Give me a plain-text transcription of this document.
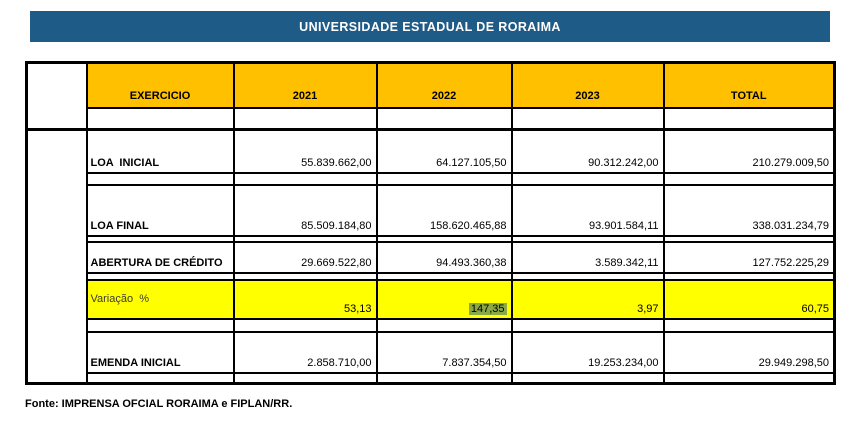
UNIVERSIDADE ESTADUAL DE RORAIMA
	EXERCICIO	2021	2022	2023	TOTAL

	LOA  INICIAL	55.839.662,00	64.127.105,50	90.312.242,00	210.279.009,50

	LOA FINAL	85.509.184,80	158.620.465,88	93.901.584,11	338.031.234,79

	ABERTURA DE CRÉDITO	29.669.522,80	94.493.360,38	3.589.342,11	127.752.225,29

	Variação  %	53,13	147,35	3,97	60,75

	EMENDA INICIAL	2.858.710,00	7.837.354,50	19.253.234,00	29.949.298,50

Fonte: IMPRENSA OFCIAL RORAIMA e FIPLAN/RR.
